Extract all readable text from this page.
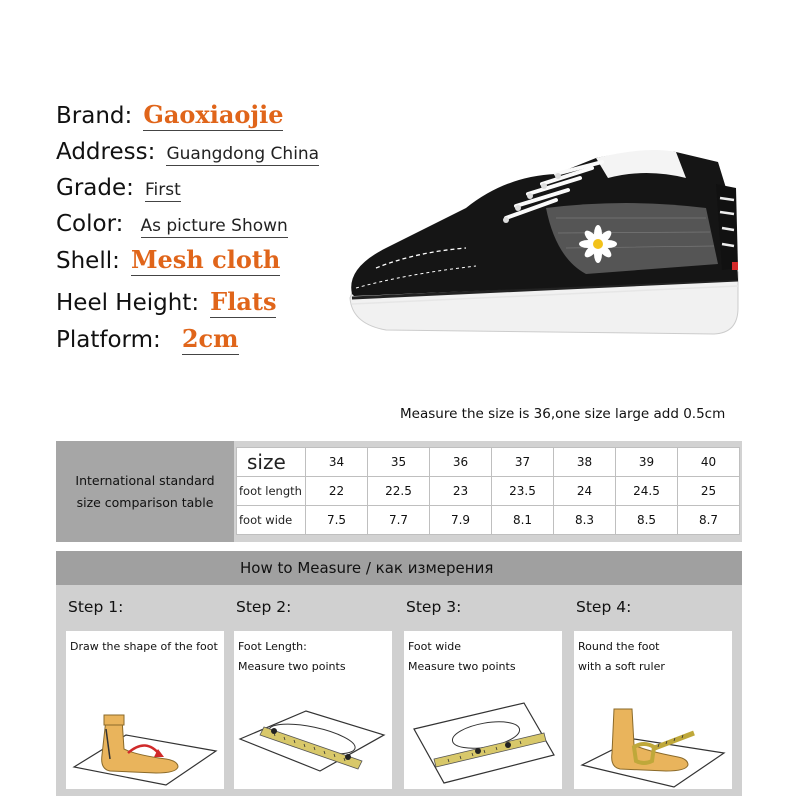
Brand: Gaoxiaojie
Address: Guangdong China
Grade: First
Color: As picture Shown
Shell: Mesh cloth
Heel Height: Flats
Platform: 2cm
Measure the size is 36,one size large add 0.5cm
International standard
size comparison table
size	34	35	36	37	38	39	40
foot length	22	22.5	23	23.5	24	24.5	25
foot wide	7.5	7.7	7.9	8.1	8.3	8.5	8.7
How to Measure / как измерения
Step 1:
Draw the shape of the foot
Step 2:
Foot Length:
Measure two points
Step 3:
Foot wide
Measure two points
Step 4:
Round the foot
with a soft ruler
